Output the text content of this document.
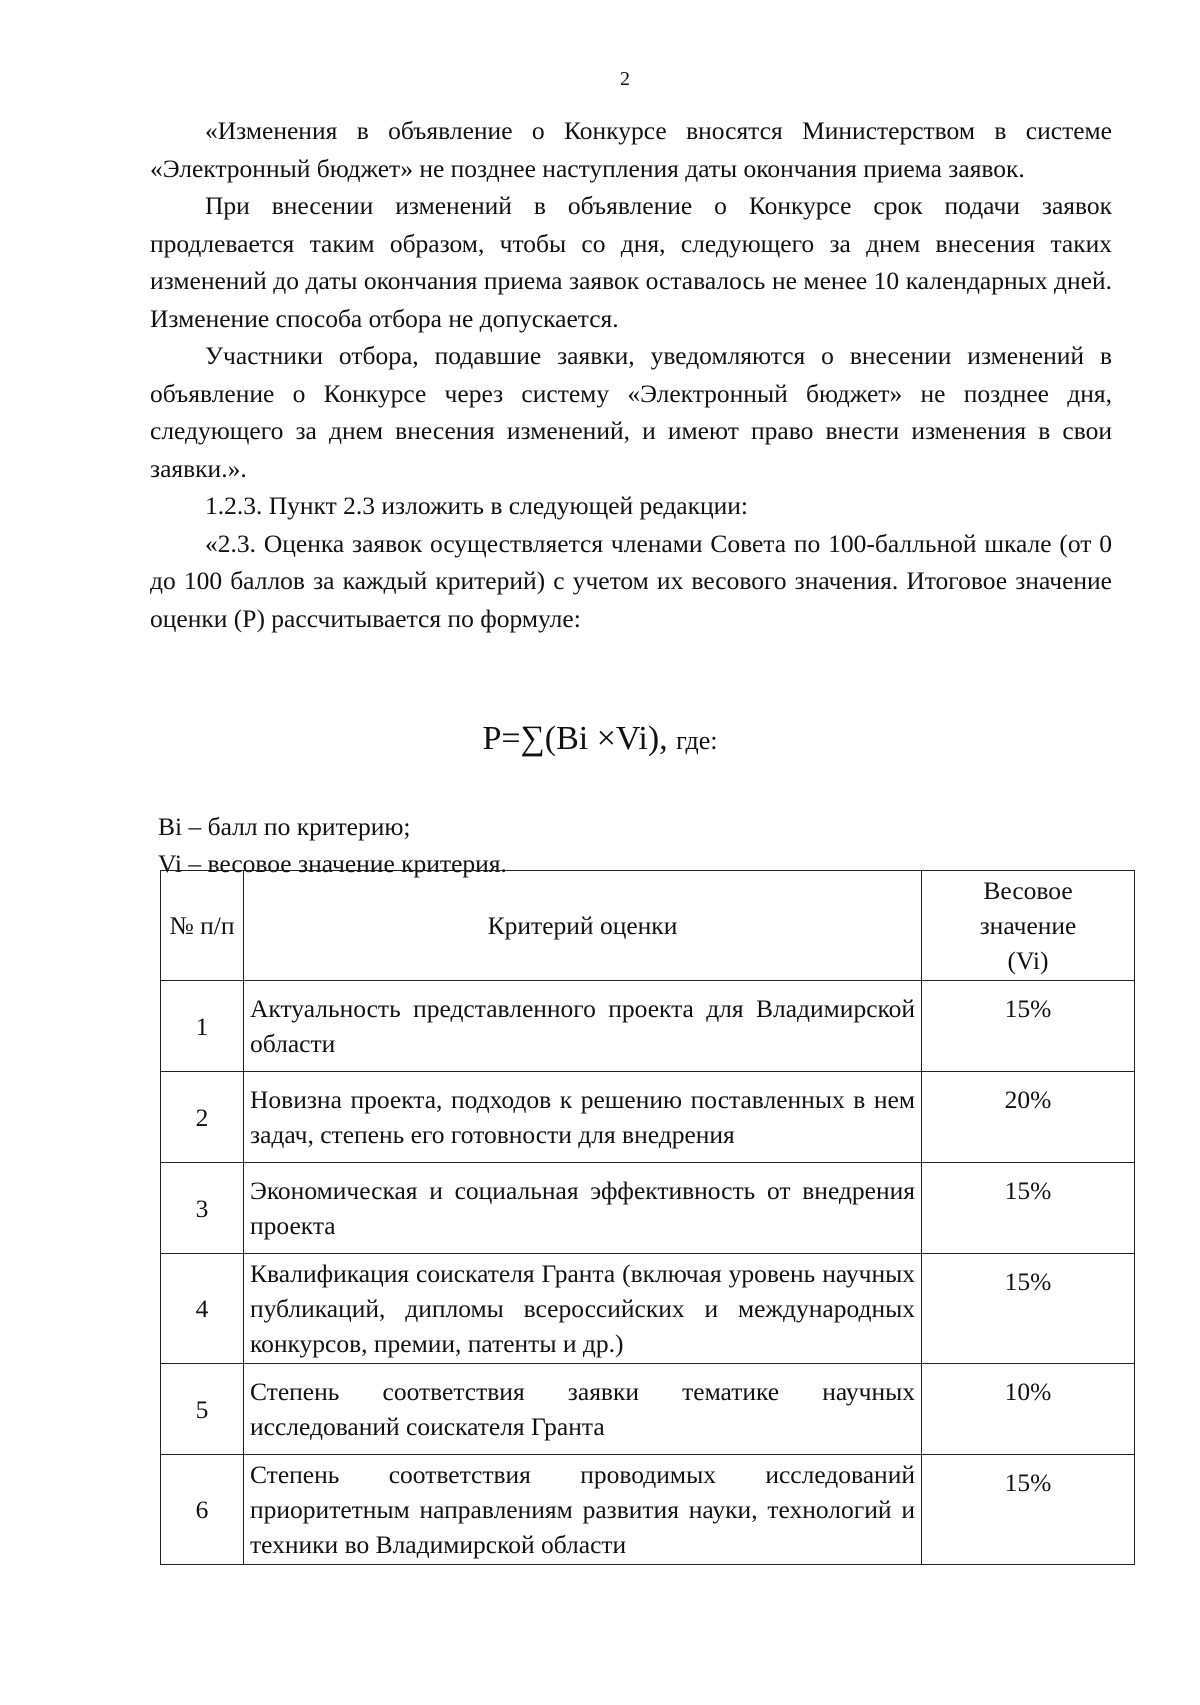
2

«Изменения в объявление о Конкурсе вносятся Министерством в системе «Электронный бюджет» не позднее наступления даты окончания приема заявок.

При внесении изменений в объявление о Конкурсе срок подачи заявок продлевается таким образом, чтобы со дня, следующего за днем внесения таких изменений до даты окончания приема заявок оставалось не менее 10 календарных дней. Изменение способа отбора не допускается.

Участники отбора, подавшие заявки, уведомляются о внесении изменений в объявление о Конкурсе через систему «Электронный бюджет» не позднее дня, следующего за днем внесения изменений, и имеют право внести изменения в свои заявки.».

1.2.3. Пункт 2.3 изложить в следующей редакции:

«2.3. Оценка заявок осуществляется членами Совета по 100-балльной шкале (от 0 до 100 баллов за каждый критерий) с учетом их весового значения. Итоговое значение оценки (Р) рассчитывается по формуле:

P=∑(Bi ×Vi), где:
Bi – балл по критерию;
Vi – весовое значение критерия.
№ п/п	Критерий оценки	Весовое
значение
(Vi)

1	Актуальность представленного проекта для Владимирской области	15%
2	Новизна проекта, подходов к решению поставленных в нем задач, степень его готовности для внедрения	20%
3	Экономическая и социальная эффективность от внедрения проекта	15%
4	Квалификация соискателя Гранта (включая уровень научных публикаций, дипломы всероссийских и международных конкурсов, премии, патенты и др.)	15%
5	Степень соответствия заявки тематике научных исследований соискателя Гранта	10%
6	Степень соответствия проводимых исследований приоритетным направлениям развития науки, технологий и техники во Владимирской области	15%
